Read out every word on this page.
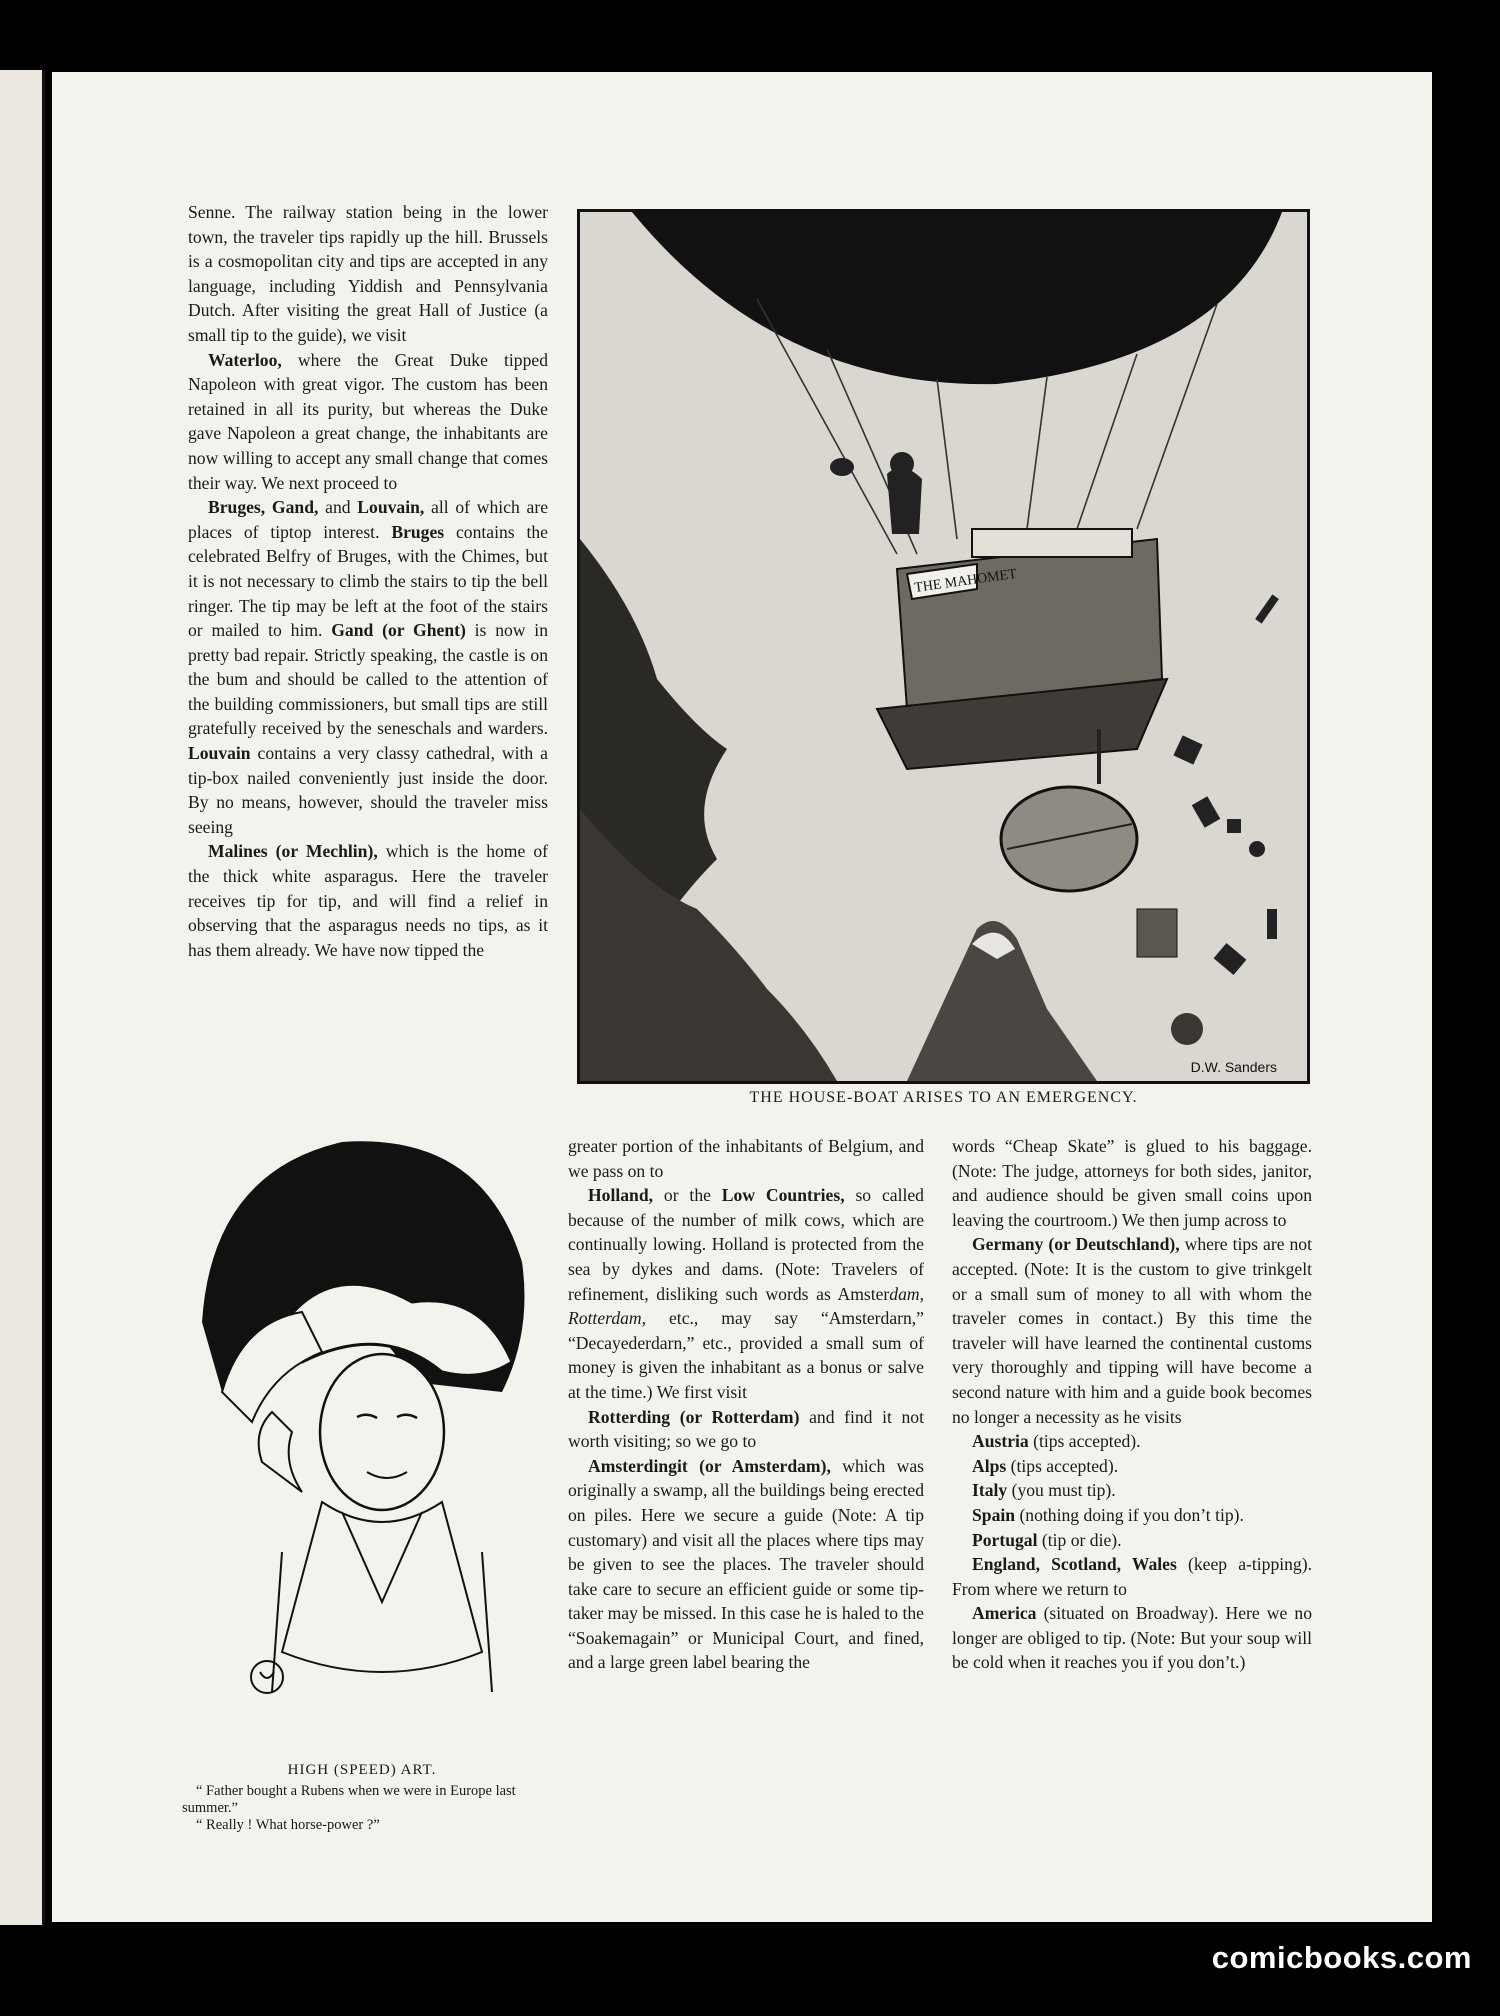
Senne. The railway station being in the lower town, the traveler tips rapidly up the hill. Brussels is a cosmopolitan city and tips are accepted in any language, including Yiddish and Pennsylvania Dutch. After visiting the great Hall of Justice (a small tip to the guide), we visit

Waterloo, where the Great Duke tipped Napoleon with great vigor. The custom has been retained in all its purity, but whereas the Duke gave Napoleon a great change, the inhabitants are now willing to accept any small change that comes their way. We next proceed to

Bruges, Gand, and Louvain, all of which are places of tiptop interest. Bruges contains the celebrated Belfry of Bruges, with the Chimes, but it is not necessary to climb the stairs to tip the bell ringer. The tip may be left at the foot of the stairs or mailed to him. Gand (or Ghent) is now in pretty bad repair. Strictly speaking, the castle is on the bum and should be called to the attention of the building commissioners, but small tips are still gratefully received by the seneschals and warders. Louvain contains a very classy cathedral, with a tip-box nailed conveniently just inside the door. By no means, however, should the traveler miss seeing

Malines (or Mechlin), which is the home of the thick white asparagus. Here the traveler receives tip for tip, and will find a relief in observing that the asparagus needs no tips, as it has them already. We have now tipped the

THE MAHOMET
D.W. Sanders
THE HOUSE-BOAT ARISES TO AN EMERGENCY.
HIGH (SPEED) ART.
“ Father bought a Rubens when we were in Europe last summer.”
“ Really ! What horse-power ?”

greater portion of the inhabitants of Belgium, and we pass on to

Holland, or the Low Countries, so called because of the number of milk cows, which are continually lowing. Holland is protected from the sea by dykes and dams. (Note: Travelers of refinement, disliking such words as Amsterdam, Rotterdam, etc., may say “Amsterdarn,” “Decayederdarn,” etc., provided a small sum of money is given the inhabitant as a bonus or salve at the time.) We first visit

Rotterding (or Rotterdam) and find it not worth visiting; so we go to

Amsterdingit (or Amsterdam), which was originally a swamp, all the buildings being erected on piles. Here we secure a guide (Note: A tip customary) and visit all the places where tips may be given to see the places. The traveler should take care to secure an efficient guide or some tip-taker may be missed. In this case he is haled to the “Soakemagain” or Municipal Court, and fined, and a large green label bearing the

words “Cheap Skate” is glued to his baggage. (Note: The judge, attorneys for both sides, janitor, and audience should be given small coins upon leaving the courtroom.) We then jump across to

Germany (or Deutschland), where tips are not accepted. (Note: It is the custom to give trinkgelt or a small sum of money to all with whom the traveler comes in contact.) By this time the traveler will have learned the continental customs very thoroughly and tipping will have become a second nature with him and a guide book becomes no longer a necessity as he visits

Austria (tips accepted).

Alps (tips accepted).

Italy (you must tip).

Spain (nothing doing if you don’t tip).

Portugal (tip or die).

England, Scotland, Wales (keep a-tipping). From where we return to

America (situated on Broadway). Here we no longer are obliged to tip. (Note: But your soup will be cold when it reaches you if you don’t.)

comicbooks.com
